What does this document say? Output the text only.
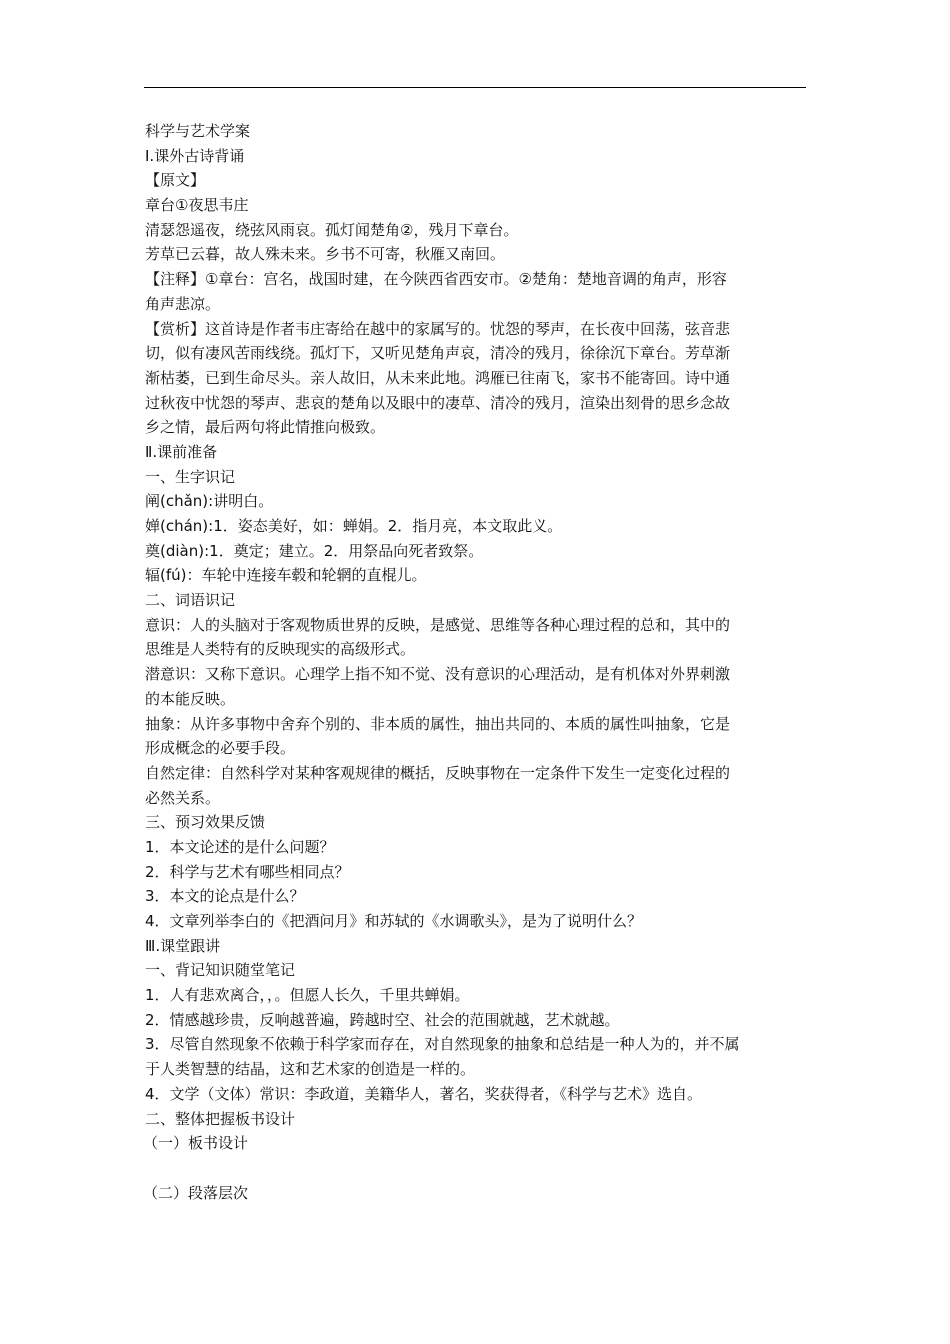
科学与艺术学案
Ⅰ.课外古诗背诵
【原文】
章台①夜思韦庄
清瑟怨遥夜，绕弦风雨哀。孤灯闻楚角②，残月下章台。
芳草已云暮，故人殊未来。乡书不可寄，秋雁又南回。
【注释】①章台：宫名，战国时建，在今陕西省西安市。②楚角：楚地音调的角声，形容
角声悲凉。
【赏析】这首诗是作者韦庄寄给在越中的家属写的。忧怨的琴声，在长夜中回荡，弦音悲
切，似有凄风苦雨线绕。孤灯下，又听见楚角声哀，清冷的残月，徐徐沉下章台。芳草渐
渐枯萎，已到生命尽头。亲人故旧，从未来此地。鸿雁已往南飞，家书不能寄回。诗中通
过秋夜中忧怨的琴声、悲哀的楚角以及眼中的凄草、清冷的残月，渲染出刻骨的思乡念故
乡之情，最后两句将此情推向极致。
Ⅱ.课前准备
一、生字识记
阐(chǎn):讲明白。
婵(chán):1．姿态美好，如：蝉娟。2．指月亮，本文取此义。
奠(diàn):1．奠定；建立。2．用祭品向死者致祭。
辐(fú)：车轮中连接车毂和轮辋的直棍儿。
二、词语识记
意识：人的头脑对于客观物质世界的反映，是感觉、思维等各种心理过程的总和，其中的
思维是人类特有的反映现实的高级形式。
潜意识：又称下意识。心理学上指不知不觉、没有意识的心理活动，是有机体对外界刺激
的本能反映。
抽象：从许多事物中舍弃个别的、非本质的属性，抽出共同的、本质的属性叫抽象，它是
形成概念的必要手段。
自然定律：自然科学对某种客观规律的概括，反映事物在一定条件下发生一定变化过程的
必然关系。
三、预习效果反馈
1．本文论述的是什么问题？
2．科学与艺术有哪些相同点？
3．本文的论点是什么？
4．文章列举李白的《把酒问月》和苏轼的《水调歌头》，是为了说明什么？
Ⅲ.课堂跟讲
一、背记知识随堂笔记
1．人有悲欢离合，，。但愿人长久，千里共蝉娟。
2．情感越珍贵，反响越普遍，跨越时空、社会的范围就越，艺术就越。
3．尽管自然现象不依赖于科学家而存在，对自然现象的抽象和总结是一种人为的，并不属
于人类智慧的结晶，这和艺术家的创造是一样的。
4．文学（文体）常识：李政道，美籍华人，著名，奖获得者，《科学与艺术》选自。
二、整体把握板书设计
（一）板书设计
（二）段落层次
